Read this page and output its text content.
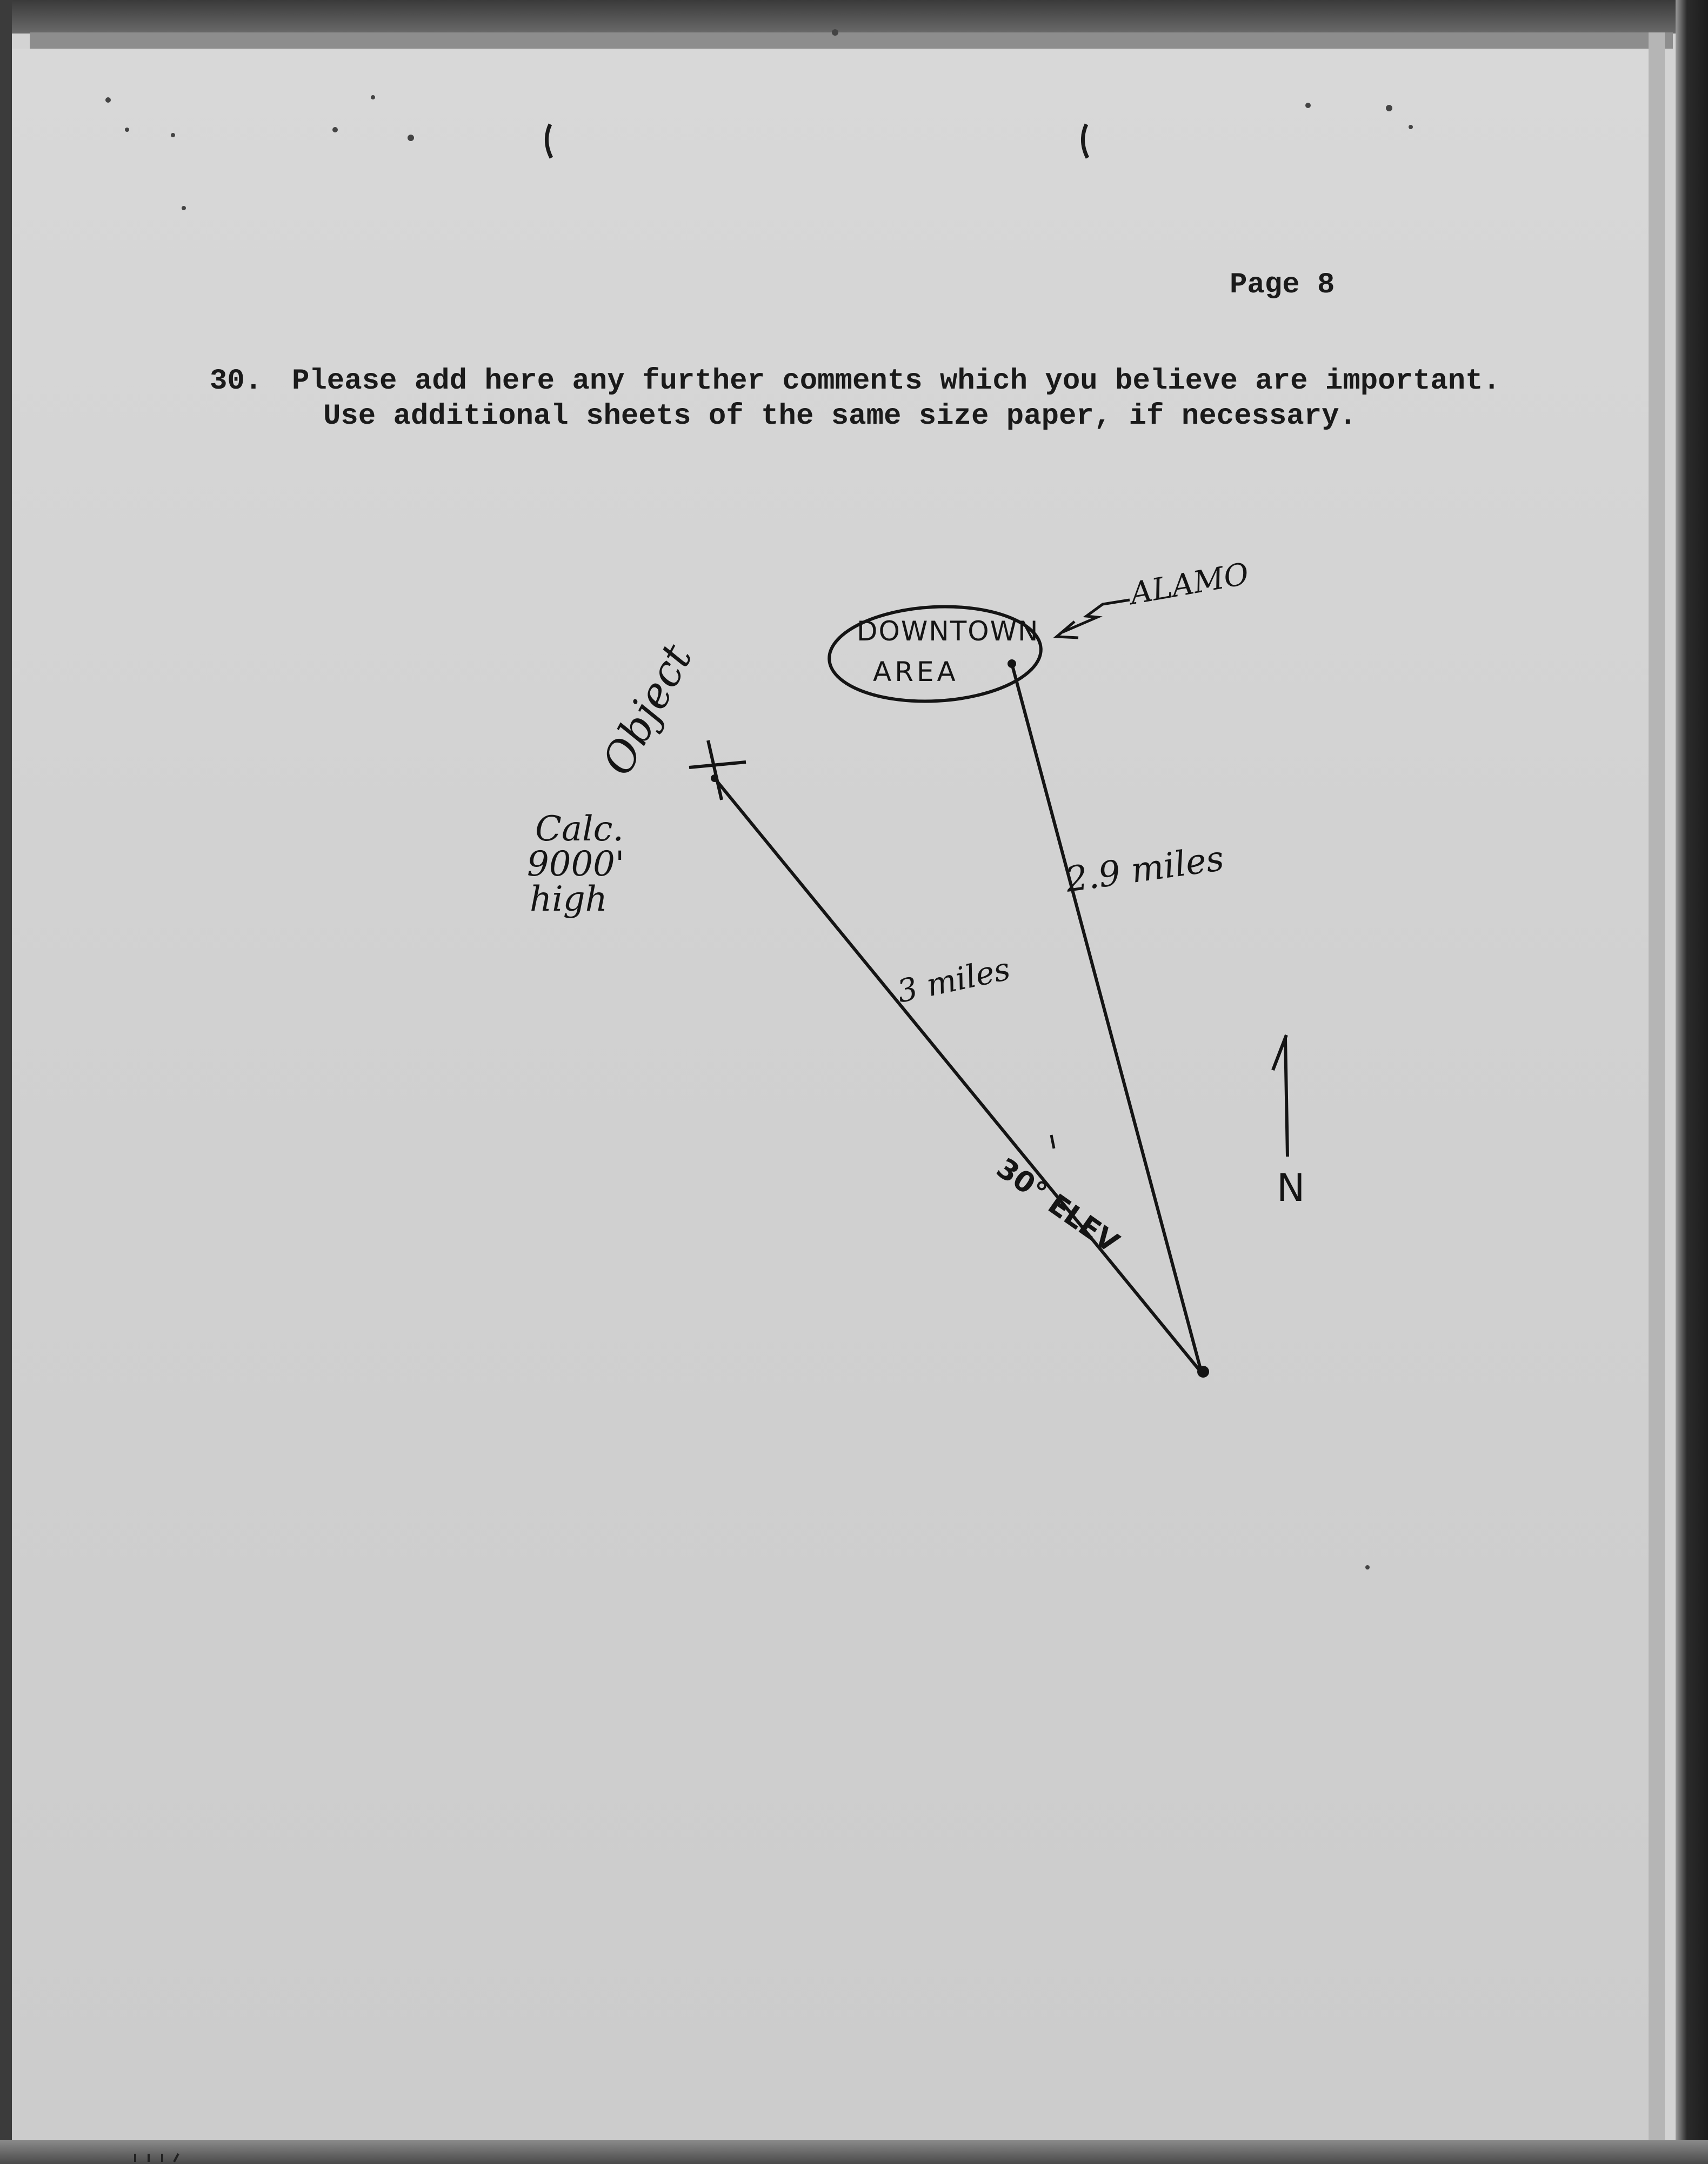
Page 8
30. Please add here any further comments which you believe are important.
Use additional sheets of the same size paper, if necessary.
DOWNTOWN
AREA
ALAMO
Object
Calc.
9000'
high	2.9 miles
3 miles
30° ELEV	N
